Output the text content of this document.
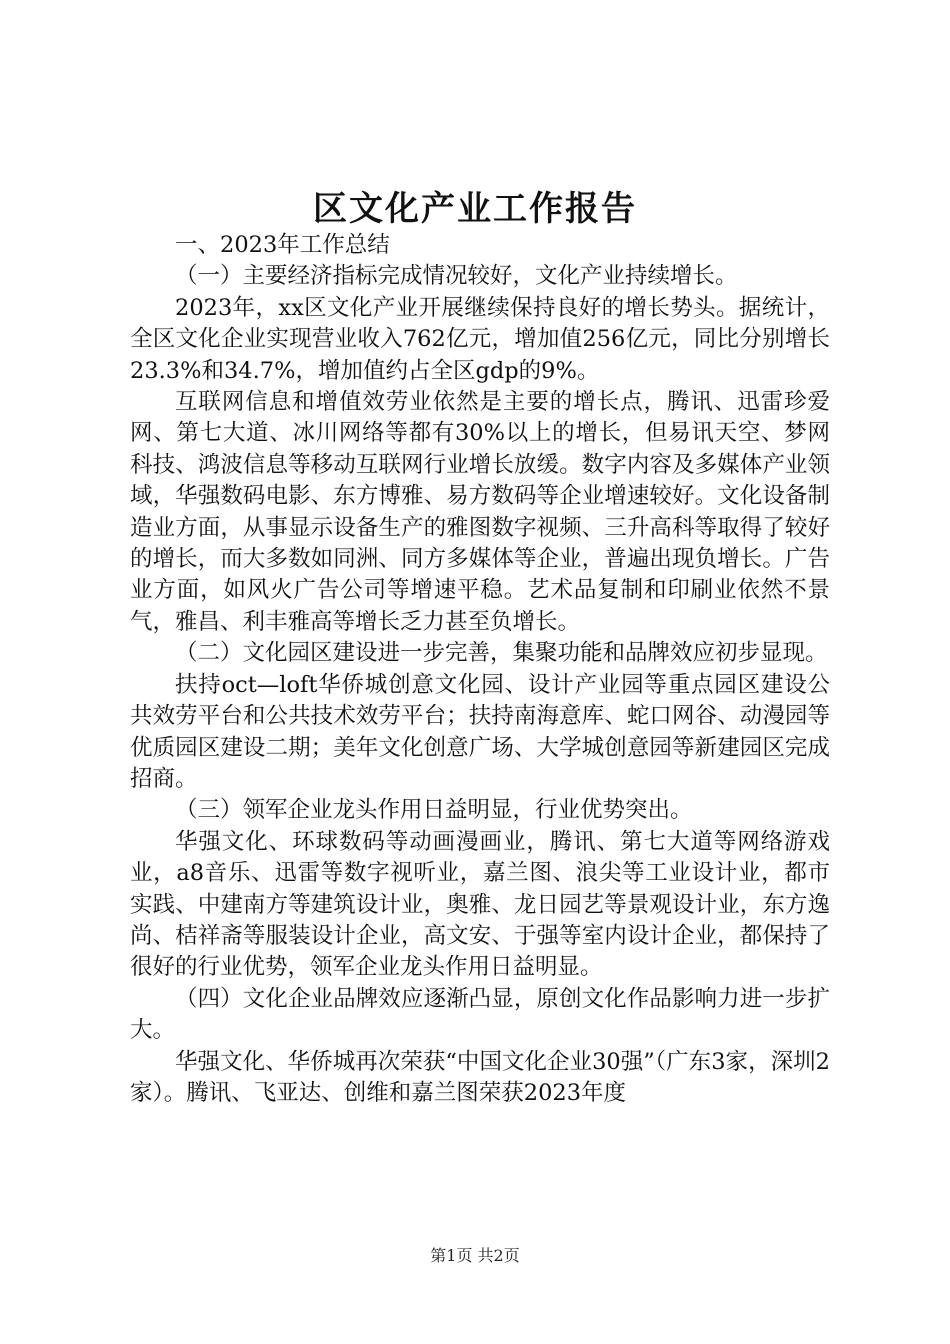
区文化产业工作报告

一、2023年工作总结

（一）主要经济指标完成情况较好，文化产业持续增长。

2023年，xx区文化产业开展继续保持良好的增长势头。据统计，全区文化企业实现营业收入762亿元，增加值256亿元，同比分别增长23.3%和34.7%，增加值约占全区gdp的9%。

互联网信息和增值效劳业依然是主要的增长点，腾讯、迅雷珍爱网、第七大道、冰川网络等都有30%以上的增长，但易讯天空、梦网科技、鸿波信息等移动互联网行业增长放缓。数字内容及多媒体产业领域，华强数码电影、东方博雅、易方数码等企业增速较好。文化设备制造业方面，从事显示设备生产的雅图数字视频、三升高科等取得了较好的增长，而大多数如同洲、同方多媒体等企业，普遍出现负增长。广告业方面，如风火广告公司等增速平稳。艺术品复制和印刷业依然不景气，雅昌、利丰雅高等增长乏力甚至负增长。

（二）文化园区建设进一步完善，集聚功能和品牌效应初步显现。

扶持oct—loft华侨城创意文化园、设计产业园等重点园区建设公共效劳平台和公共技术效劳平台；扶持南海意库、蛇口网谷、动漫园等优质园区建设二期；美年文化创意广场、大学城创意园等新建园区完成招商。

（三）领军企业龙头作用日益明显，行业优势突出。

华强文化、环球数码等动画漫画业，腾讯、第七大道等网络游戏业，a8音乐、迅雷等数字视听业，嘉兰图、浪尖等工业设计业，都市实践、中建南方等建筑设计业，奥雅、龙日园艺等景观设计业，东方逸尚、桔祥斋等服装设计企业，高文安、于强等室内设计企业，都保持了很好的行业优势，领军企业龙头作用日益明显。

（四）文化企业品牌效应逐渐凸显，原创文化作品影响力进一步扩大。

华强文化、华侨城再次荣获“中国文化企业30强”（广东3家，深圳2家）。腾讯、飞亚达、创维和嘉兰图荣获2023年度

第1页 共2页
